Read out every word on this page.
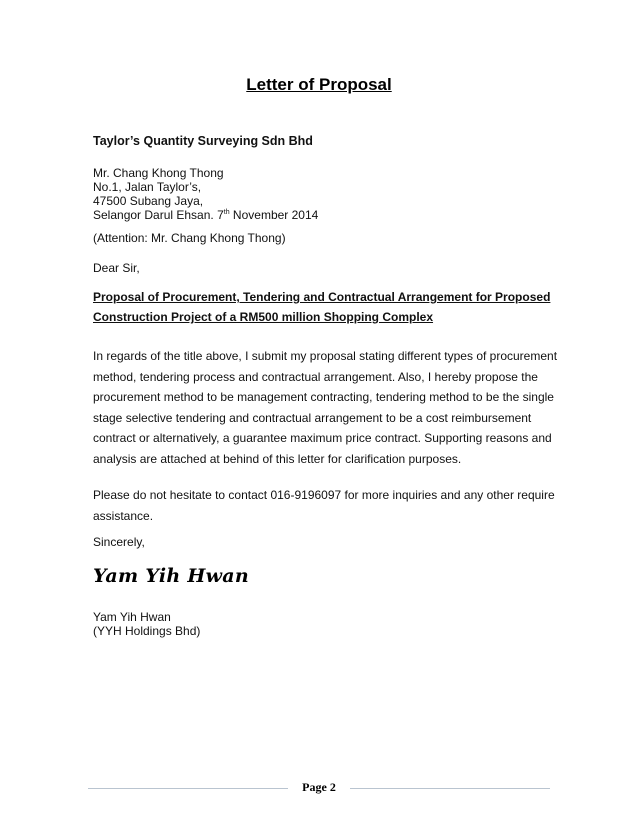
Letter of Proposal
Taylor’s Quantity Surveying Sdn Bhd
Mr. Chang Khong Thong
No.1, Jalan Taylor’s,
47500 Subang Jaya,
Selangor Darul Ehsan. 7th November 2014
(Attention: Mr. Chang Khong Thong)
Dear Sir,
Proposal of Procurement, Tendering and Contractual Arrangement for Proposed
Construction Project of a RM500 million Shopping Complex
In regards of the title above, I submit my proposal stating different types of procurement
method, tendering process and contractual arrangement. Also, I hereby propose the
procurement method to be management contracting, tendering method to be the single
stage selective tendering and contractual arrangement to be a cost reimbursement
contract or alternatively, a guarantee maximum price contract. Supporting reasons and
analysis are attached at behind of this letter for clarification purposes.
Please do not hesitate to contact 016-9196097 for more inquiries and any other require
assistance.
Sincerely,
Yam Yih Hwan
Yam Yih Hwan
(YYH Holdings Bhd)
Page 2
